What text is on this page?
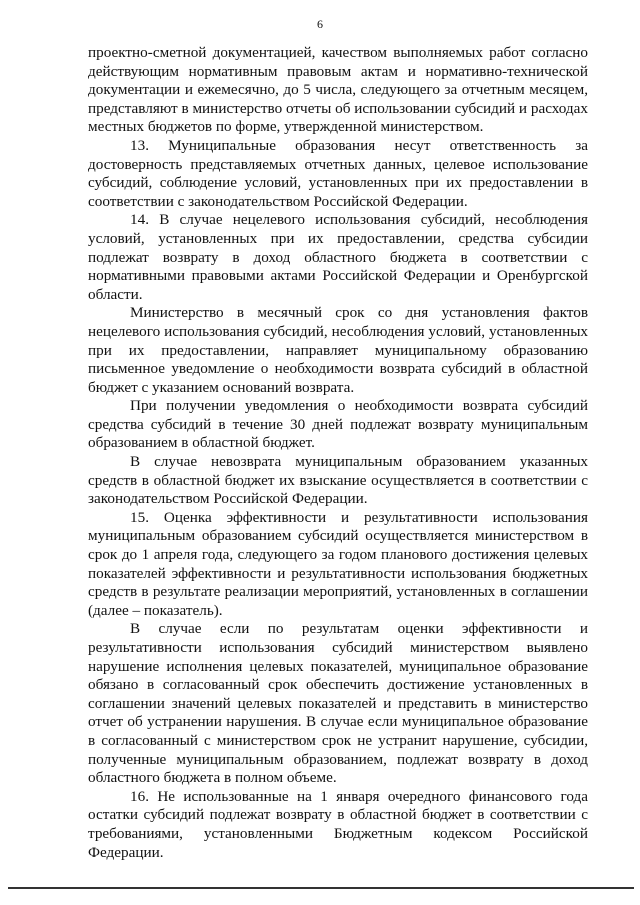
6

проектно-сметной документацией, качеством выполняемых работ согласно действующим нормативным правовым актам и нормативно-технической документации и ежемесячно, до 5 числа, следующего за отчетным месяцем, представляют в министерство отчеты об использовании субсидий и расходах местных бюджетов по форме, утвержденной министерством.

13. Муниципальные образования несут ответственность за достоверность представляемых отчетных данных, целевое использование субсидий, соблюдение условий, установленных при их предоставлении в соответствии с законодательством Российской Федерации.

14. В случае нецелевого использования субсидий, несоблюдения условий, установленных при их предоставлении, средства субсидии подлежат возврату в доход областного бюджета в соответствии с нормативными правовыми актами Российской Федерации и Оренбургской области.

Министерство в месячный срок со дня установления фактов нецелевого использования субсидий, несоблюдения условий, установленных при их предоставлении, направляет муниципальному образованию письменное уведомление о необходимости возврата субсидий в областной бюджет с указанием оснований возврата.

При получении уведомления о необходимости возврата субсидий средства субсидий в течение 30 дней подлежат возврату муниципальным образованием в областной бюджет.

В случае невозврата муниципальным образованием указанных средств в областной бюджет их взыскание осуществляется в соответствии с законодательством Российской Федерации.

15. Оценка эффективности и результативности использования муниципальным образованием субсидий осуществляется министерством в срок до 1 апреля года, следующего за годом планового достижения целевых показателей эффективности и результативности использования бюджетных средств в результате реализации мероприятий, установленных в соглашении (далее – показатель).

В случае если по результатам оценки эффективности и результативности использования субсидий министерством выявлено нарушение исполнения целевых показателей, муниципальное образование обязано в согласованный срок обеспечить достижение установленных в соглашении значений целевых показателей и представить в министерство отчет об устранении нарушения. В случае если муниципальное образование в согласованный с министерством срок не устранит нарушение, субсидии, полученные муниципальным образованием, подлежат возврату в доход областного бюджета в полном объеме.

16. Не использованные на 1 января очередного финансового года остатки субсидий подлежат возврату в областной бюджет в соответствии с требованиями, установленными Бюджетным кодексом Российской Федерации.
